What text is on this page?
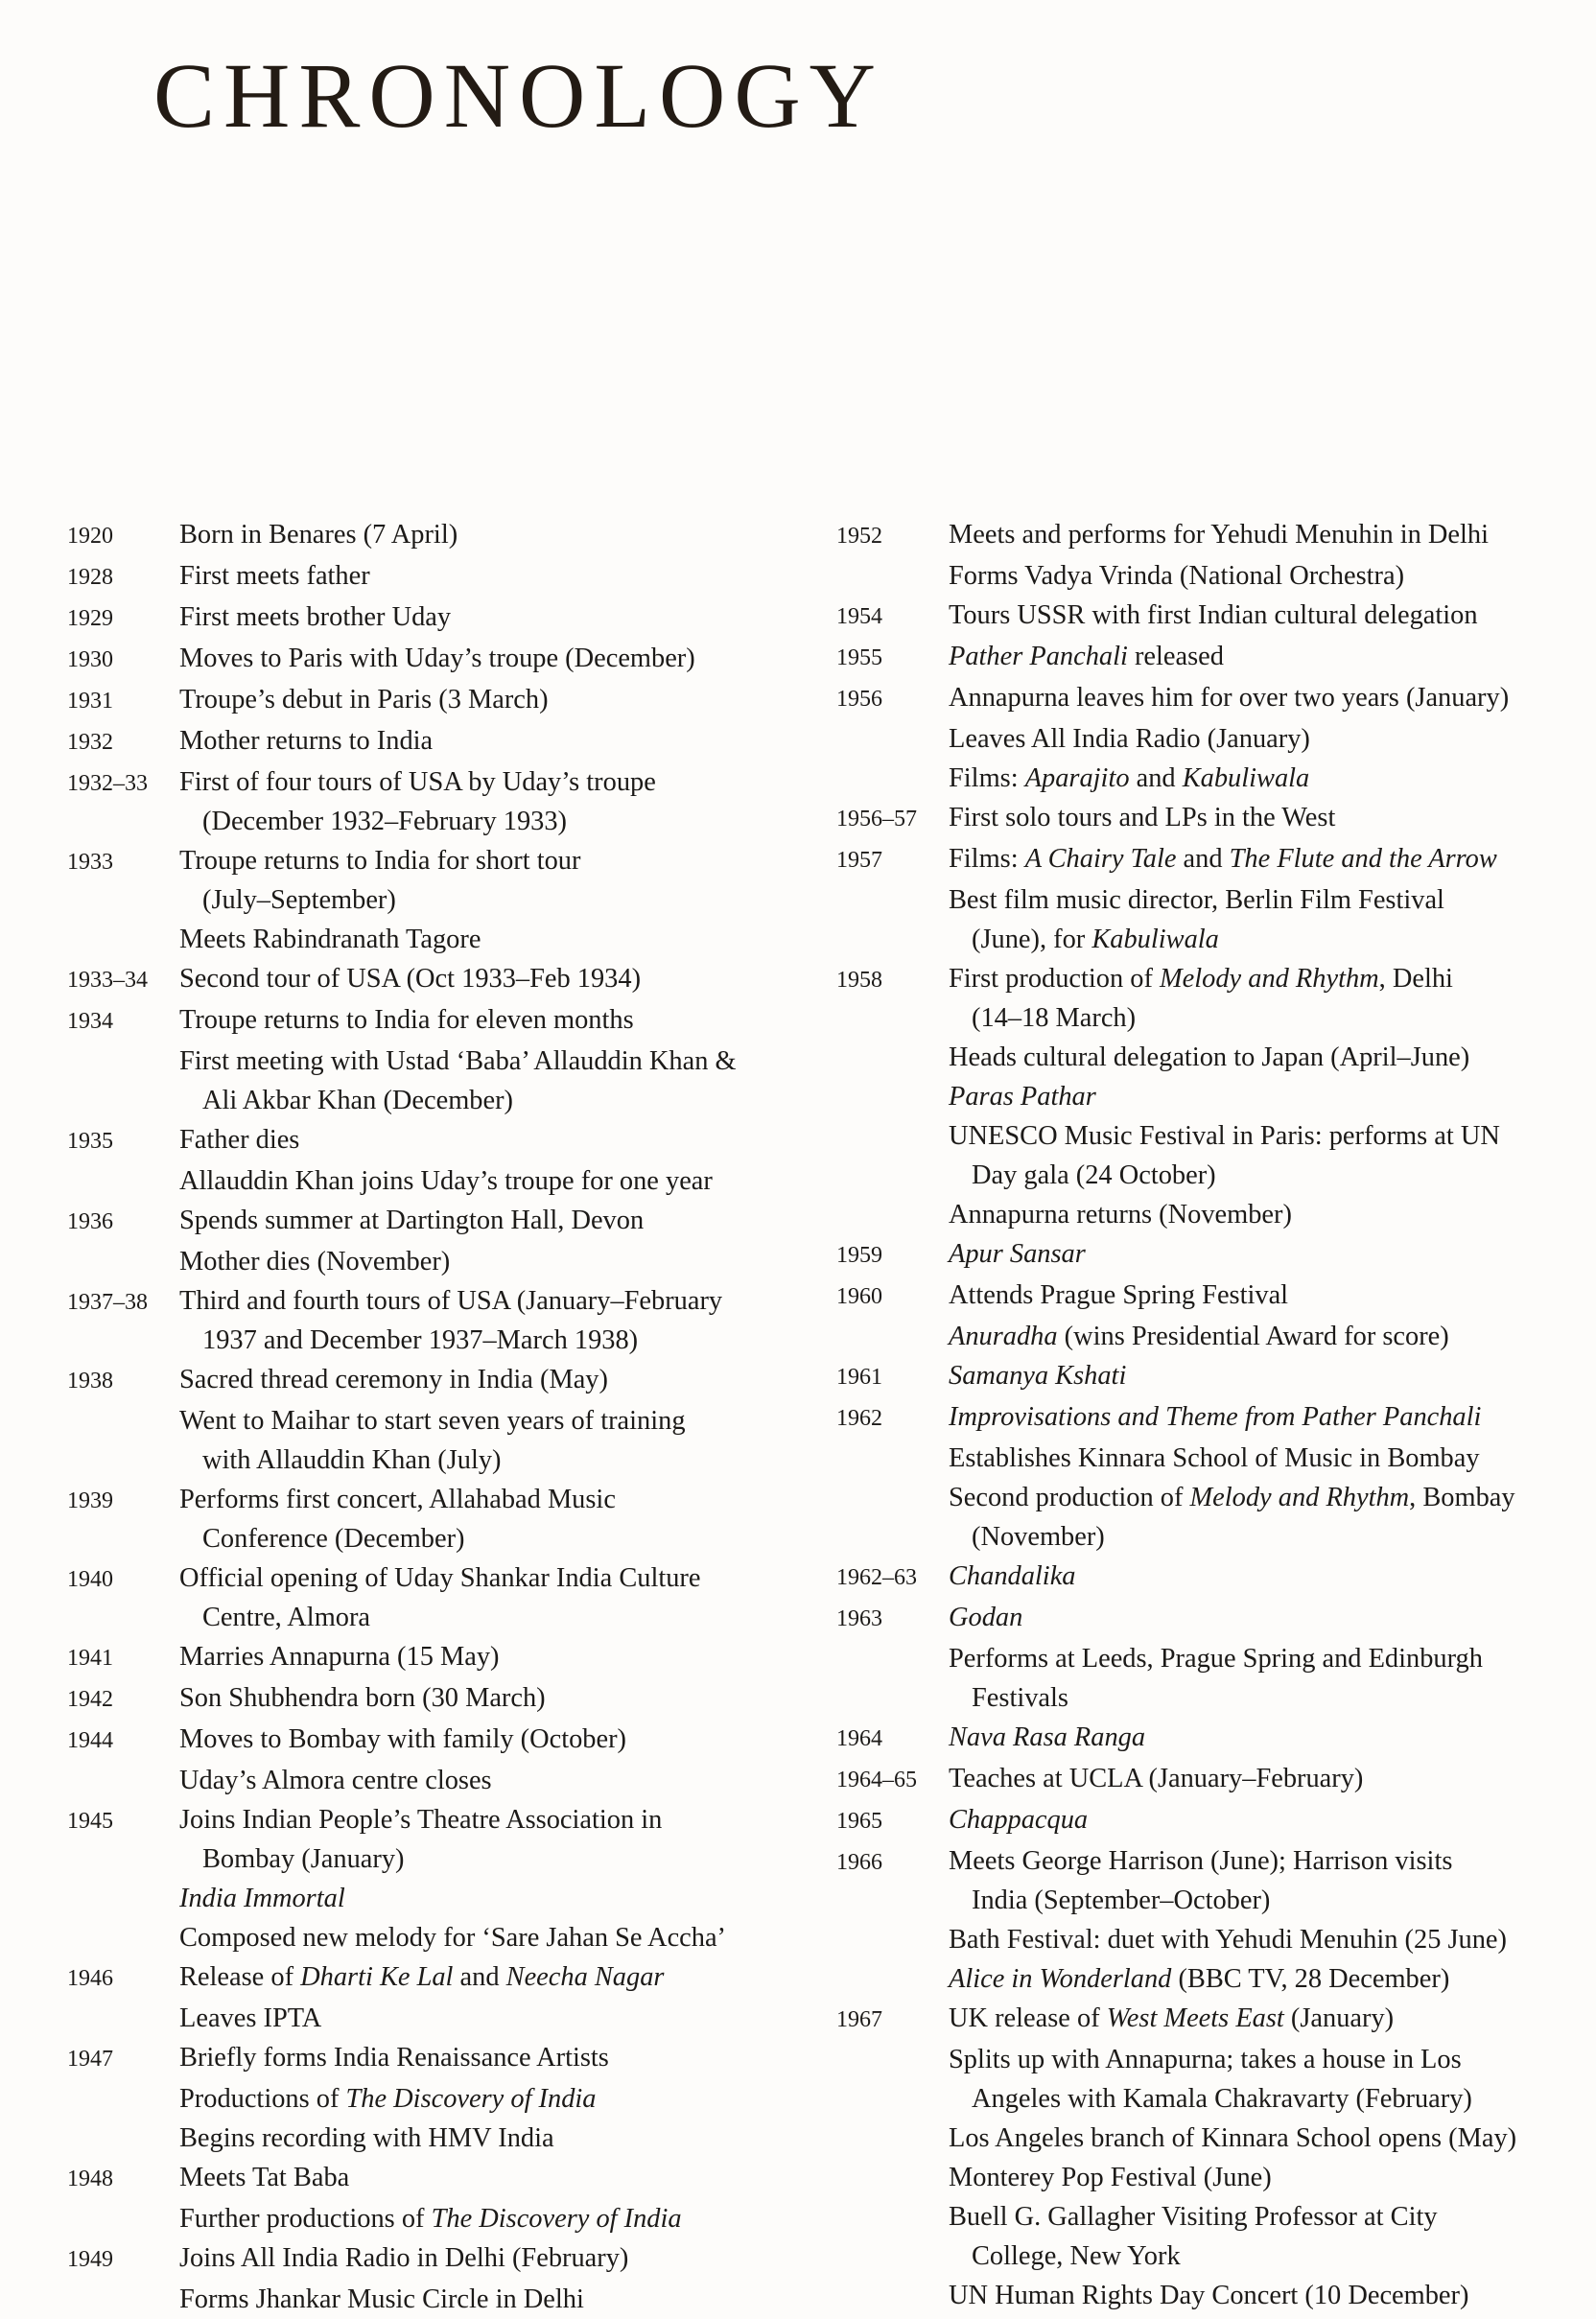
CHRONOLOGY
1920	Born in Benares (7 April)
1928	First meets father
1929	First meets brother Uday
1930	Moves to Paris with Uday’s troupe (December)
1931	Troupe’s debut in Paris (3 March)
1932	Mother returns to India
1932–33	First of four tours of USA by Uday’s troupe
(December 1932–February 1933)
1933	Troupe returns to India for short tour
(July–September)
Meets Rabindranath Tagore
1933–34	Second tour of USA (Oct 1933–Feb 1934)
1934	Troupe returns to India for eleven months
First meeting with Ustad ‘Baba’ Allauddin Khan &
Ali Akbar Khan (December)
1935	Father dies
Allauddin Khan joins Uday’s troupe for one year
1936	Spends summer at Dartington Hall, Devon
Mother dies (November)
1937–38	Third and fourth tours of USA (January–February
1937 and December 1937–March 1938)
1938	Sacred thread ceremony in India (May)
Went to Maihar to start seven years of training
with Allauddin Khan (July)
1939	Performs first concert, Allahabad Music
Conference (December)
1940	Official opening of Uday Shankar India Culture
Centre, Almora
1941	Marries Annapurna (15 May)
1942	Son Shubhendra born (30 March)
1944	Moves to Bombay with family (October)
Uday’s Almora centre closes
1945	Joins Indian People’s Theatre Association in
Bombay (January)
India Immortal
Composed new melody for ‘Sare Jahan Se Accha’
1946	Release of Dharti Ke Lal and Neecha Nagar
Leaves IPTA
1947	Briefly forms India Renaissance Artists
Productions of The Discovery of India
Begins recording with HMV India
1948	Meets Tat Baba
Further productions of The Discovery of India
1949	Joins All India Radio in Delhi (February)
Forms Jhankar Music Circle in Delhi
1952	Meets and performs for Yehudi Menuhin in Delhi
Forms Vadya Vrinda (National Orchestra)
1954	Tours USSR with first Indian cultural delegation
1955	Pather Panchali released
1956	Annapurna leaves him for over two years (January)
Leaves All India Radio (January)
Films: Aparajito and Kabuliwala
1956–57	First solo tours and LPs in the West
1957	Films: A Chairy Tale and The Flute and the Arrow
Best film music director, Berlin Film Festival
(June), for Kabuliwala
1958	First production of Melody and Rhythm, Delhi
(14–18 March)
Heads cultural delegation to Japan (April–June)
Paras Pathar
UNESCO Music Festival in Paris: performs at UN
Day gala (24 October)
Annapurna returns (November)
1959	Apur Sansar
1960	Attends Prague Spring Festival
Anuradha (wins Presidential Award for score)
1961	Samanya Kshati
1962	Improvisations and Theme from Pather Panchali
Establishes Kinnara School of Music in Bombay
Second production of Melody and Rhythm, Bombay
(November)
1962–63	Chandalika
1963	Godan
Performs at Leeds, Prague Spring and Edinburgh
Festivals
1964	Nava Rasa Ranga
1964–65	Teaches at UCLA (January–February)
1965	Chappacqua
1966	Meets George Harrison (June); Harrison visits
India (September–October)
Bath Festival: duet with Yehudi Menuhin (25 June)
Alice in Wonderland (BBC TV, 28 December)
1967	UK release of West Meets East (January)
Splits up with Annapurna; takes a house in Los
Angeles with Kamala Chakravarty (February)
Los Angeles branch of Kinnara School opens (May)
Monterey Pop Festival (June)
Buell G. Gallagher Visiting Professor at City
College, New York
UN Human Rights Day Concert (10 December)
